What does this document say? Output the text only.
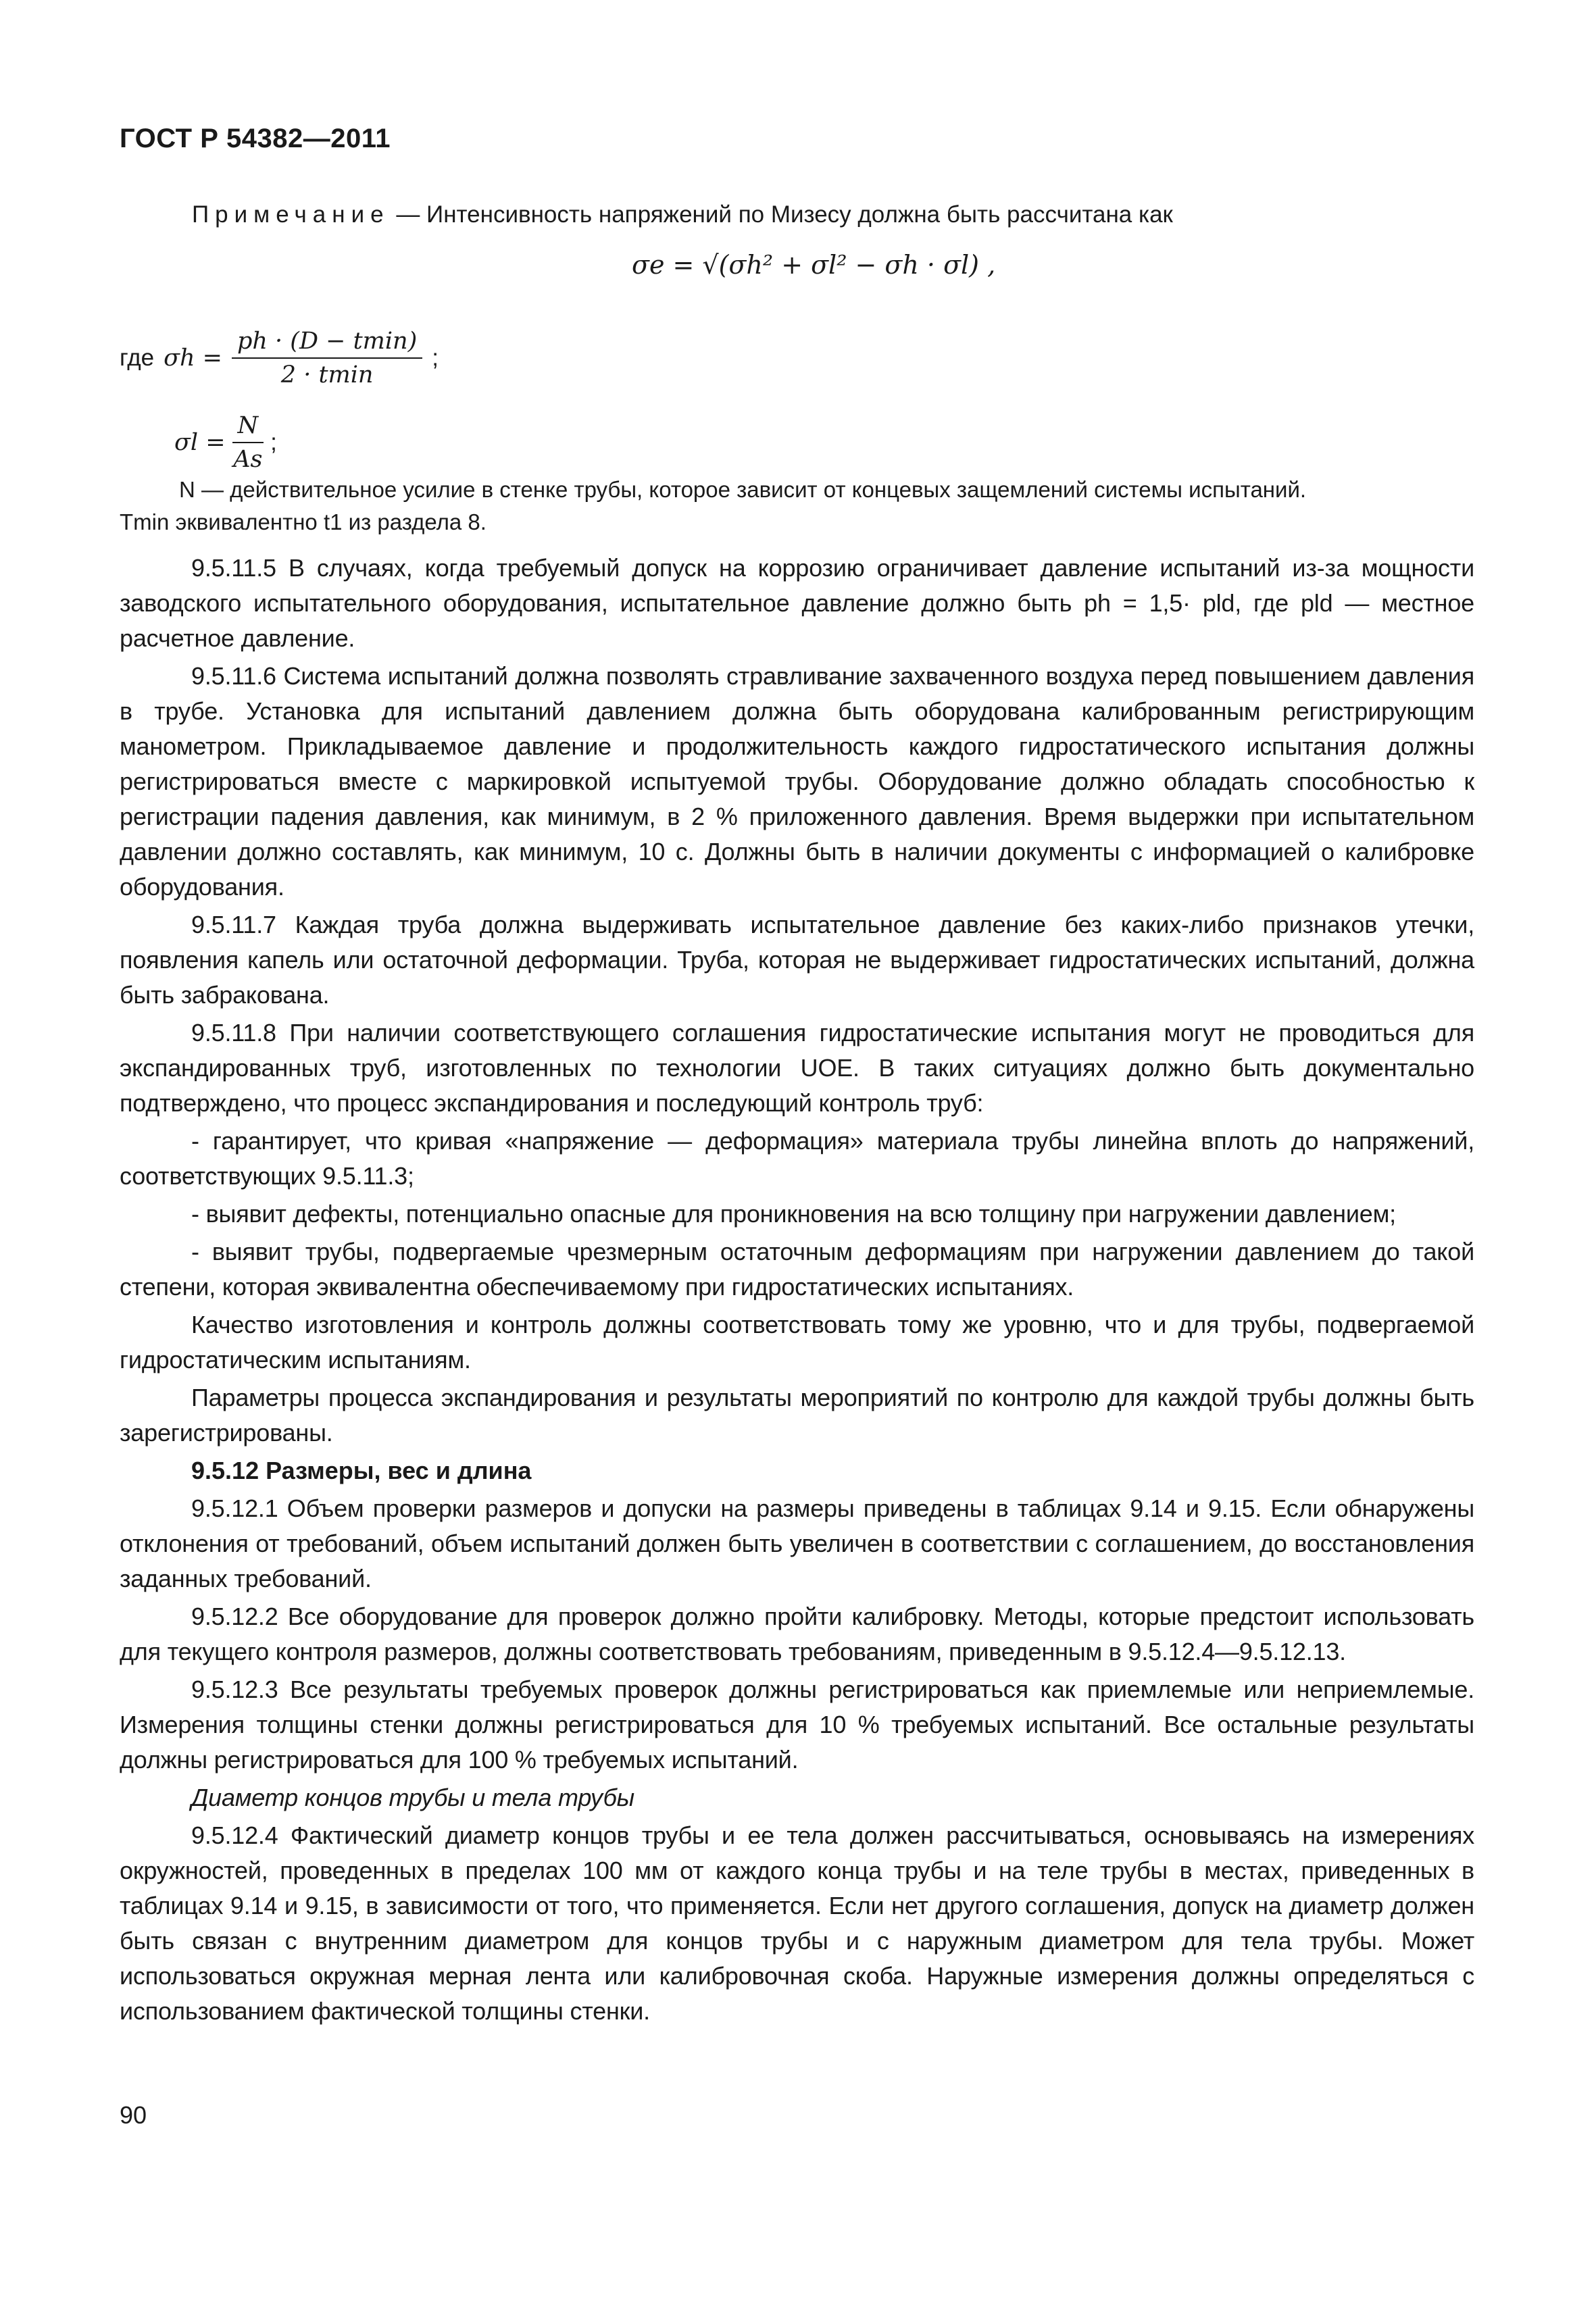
ГОСТ Р 54382—2011
Примечание — Интенсивность напряжений по Мизесу должна быть рассчитана как
σe = √(σh² + σl² − σh · σl) ,
где $\sigma h = \frac{ph \cdot (D - tmin)}{2 \cdot tmin}$ ;
$\sigma l = \frac{N}{As}$ ;
N — действительное усилие в стенке трубы, которое зависит от концевых защемлений системы испытаний.
Tmin эквивалентно t1 из раздела 8.

9.5.11.5 В случаях, когда требуемый допуск на коррозию ограничивает давление испытаний из-за мощности заводского испытательного оборудования, испытательное давление должно быть ph = 1,5· pld, где pld — местное расчетное давление.

9.5.11.6 Система испытаний должна позволять стравливание захваченного воздуха перед повышением давления в трубе. Установка для испытаний давлением должна быть оборудована калиброванным регистрирующим манометром. Прикладываемое давление и продолжительность каждого гидростатического испытания должны регистрироваться вместе с маркировкой испытуемой трубы. Оборудование должно обладать способностью к регистрации падения давления, как минимум, в 2 % приложенного давления. Время выдержки при испытательном давлении должно составлять, как минимум, 10 с. Должны быть в наличии документы с информацией о калибровке оборудования.

9.5.11.7 Каждая труба должна выдерживать испытательное давление без каких-либо признаков утечки, появления капель или остаточной деформации. Труба, которая не выдерживает гидростатических испытаний, должна быть забракована.

9.5.11.8 При наличии соответствующего соглашения гидростатические испытания могут не проводиться для экспандированных труб, изготовленных по технологии UOE. В таких ситуациях должно быть документально подтверждено, что процесс экспандирования и последующий контроль труб:

- гарантирует, что кривая «напряжение — деформация» материала трубы линейна вплоть до напряжений, соответствующих 9.5.11.3;

- выявит дефекты, потенциально опасные для проникновения на всю толщину при нагружении давлением;

- выявит трубы, подвергаемые чрезмерным остаточным деформациям при нагружении давлением до такой степени, которая эквивалентна обеспечиваемому при гидростатических испытаниях.

Качество изготовления и контроль должны соответствовать тому же уровню, что и для трубы, подвергаемой гидростатическим испытаниям.

Параметры процесса экспандирования и результаты мероприятий по контролю для каждой трубы должны быть зарегистрированы.

9.5.12 Размеры, вес и длина

9.5.12.1 Объем проверки размеров и допуски на размеры приведены в таблицах 9.14 и 9.15. Если обнаружены отклонения от требований, объем испытаний должен быть увеличен в соответствии с соглашением, до восстановления заданных требований.

9.5.12.2 Все оборудование для проверок должно пройти калибровку. Методы, которые предстоит использовать для текущего контроля размеров, должны соответствовать требованиям, приведенным в 9.5.12.4—9.5.12.13.

9.5.12.3 Все результаты требуемых проверок должны регистрироваться как приемлемые или неприемлемые. Измерения толщины стенки должны регистрироваться для 10 % требуемых испытаний. Все остальные результаты должны регистрироваться для 100 % требуемых испытаний.

Диаметр концов трубы и тела трубы

9.5.12.4 Фактический диаметр концов трубы и ее тела должен рассчитываться, основываясь на измерениях окружностей, проведенных в пределах 100 мм от каждого конца трубы и на теле трубы в местах, приведенных в таблицах 9.14 и 9.15, в зависимости от того, что применяется. Если нет другого соглашения, допуск на диаметр должен быть связан с внутренним диаметром для концов трубы и с наружным диаметром для тела трубы. Может использоваться окружная мерная лента или калибровочная скоба. Наружные измерения должны определяться с использованием фактической толщины стенки.

90
